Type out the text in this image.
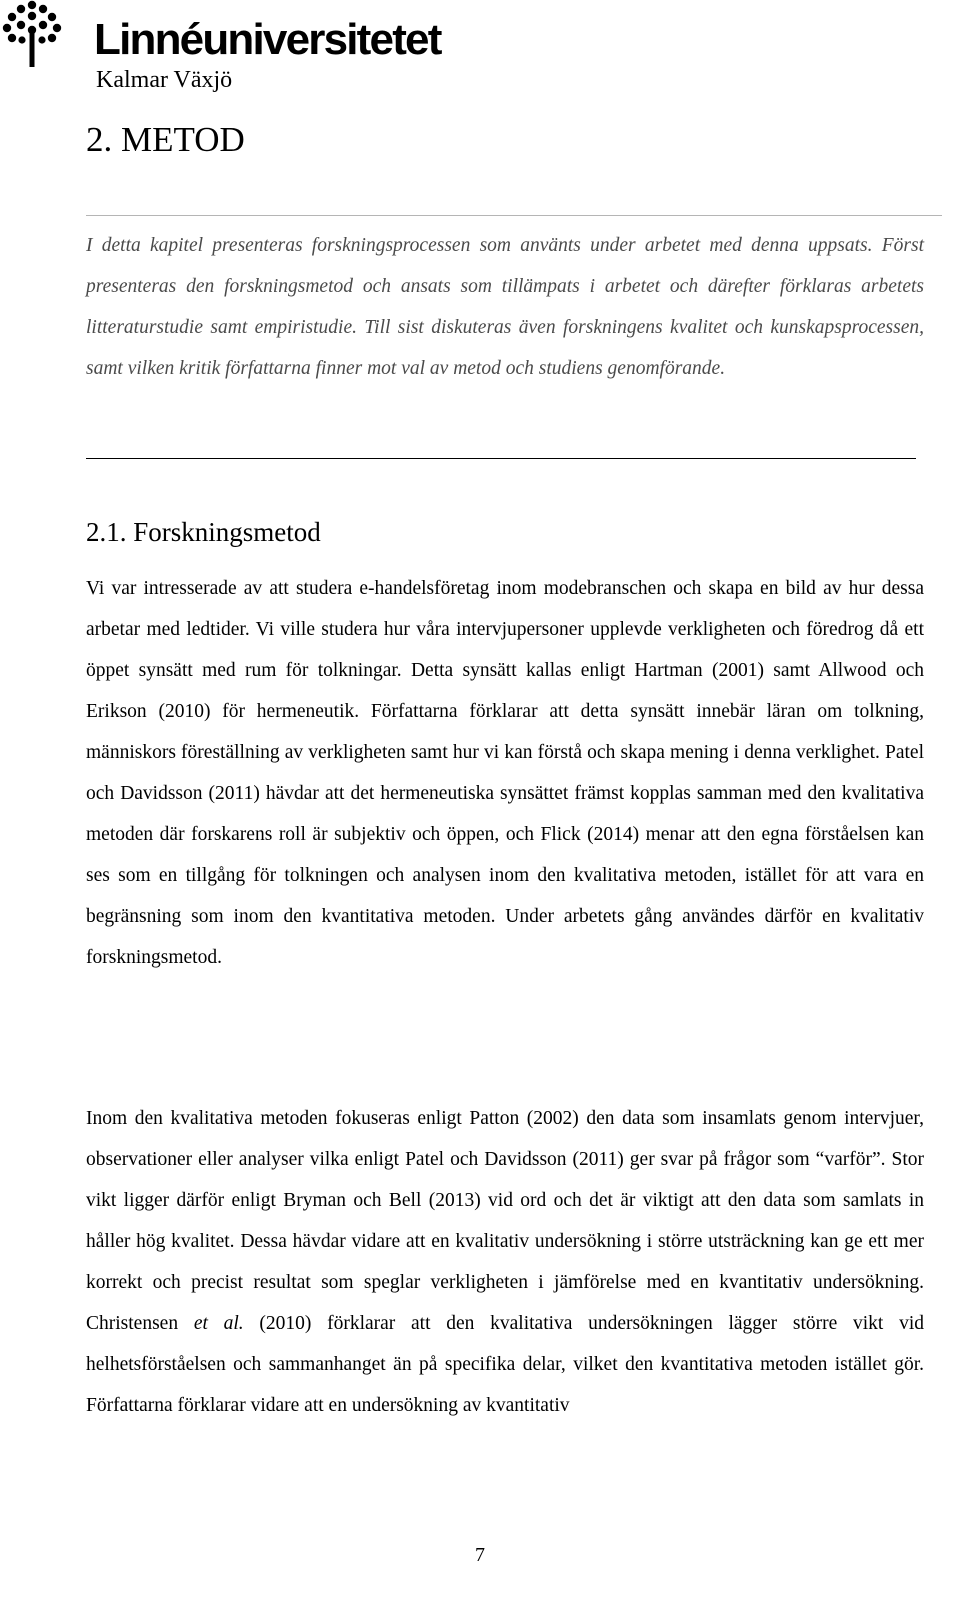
Linnéuniversitetet
Kalmar Växjö
2. METOD

I detta kapitel presenteras forskningsprocessen som använts under arbetet med denna uppsats. Först presenteras den forskningsmetod och ansats som tillämpats i arbetet och därefter förklaras arbetets litteraturstudie samt empiristudie. Till sist diskuteras även forskningens kvalitet och kunskapsprocessen, samt vilken kritik författarna finner mot val av metod och studiens genomförande.

2.1. Forskningsmetod

Vi var intresserade av att studera e-handelsföretag inom modebranschen och skapa en bild av hur dessa arbetar med ledtider. Vi ville studera hur våra intervjupersoner upplevde verkligheten och föredrog då ett öppet synsätt med rum för tolkningar. Detta synsätt kallas enligt Hartman (2001) samt Allwood och Erikson (2010) för hermeneutik. Författarna förklarar att detta synsätt innebär läran om tolkning, människors föreställning av verkligheten samt hur vi kan förstå och skapa mening i denna verklighet. Patel och Davidsson (2011) hävdar att det hermeneutiska synsättet främst kopplas samman med den kvalitativa metoden där forskarens roll är subjektiv och öppen, och Flick (2014) menar att den egna förståelsen kan ses som en tillgång för tolkningen och analysen inom den kvalitativa metoden, istället för att vara en begränsning som inom den kvantitativa metoden. Under arbetets gång användes därför en kvalitativ forskningsmetod.

Inom den kvalitativa metoden fokuseras enligt Patton (2002) den data som insamlats genom intervjuer, observationer eller analyser vilka enligt Patel och Davidsson (2011) ger svar på frågor som “varför”. Stor vikt ligger därför enligt Bryman och Bell (2013) vid ord och det är viktigt att den data som samlats in håller hög kvalitet. Dessa hävdar vidare att en kvalitativ undersökning i större utsträckning kan ge ett mer korrekt och precist resultat som speglar verkligheten i jämförelse med en kvantitativ undersökning. Christensen et al. (2010) förklarar att den kvalitativa undersökningen lägger större vikt vid helhetsförståelsen och sammanhanget än på specifika delar, vilket den kvantitativa metoden istället gör. Författarna förklarar vidare att en undersökning av kvantitativ

7
